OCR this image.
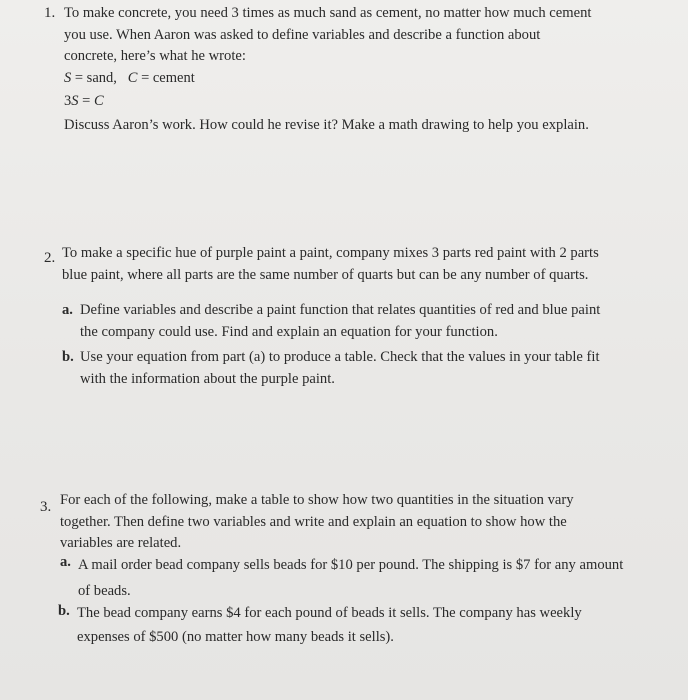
1. To make concrete, you need 3 times as much sand as cement, no matter how much cement you use. When Aaron was asked to define variables and describe a function about concrete, here’s what he wrote:

S = sand,   C = cement
3S = C

Discuss Aaron’s work. How could he revise it? Make a math drawing to help you explain.

2. To make a specific hue of purple paint a paint, company mixes 3 parts red paint with 2 parts blue paint, where all parts are the same number of quarts but can be any number of quarts.

a. Define variables and describe a paint function that relates quantities of red and blue paint the company could use. Find and explain an equation for your function.
b. Use your equation from part (a) to produce a table. Check that the values in your table fit with the information about the purple paint.
3. For each of the following, make a table to show how two quantities in the situation vary together. Then define two variables and write and explain an equation to show how the variables are related.

a. A mail order bead company sells beads for $10 per pound. The shipping is $7 for any amount of beads.
b. The bead company earns $4 for each pound of beads it sells. The company has weekly expenses of $500 (no matter how many beads it sells).
